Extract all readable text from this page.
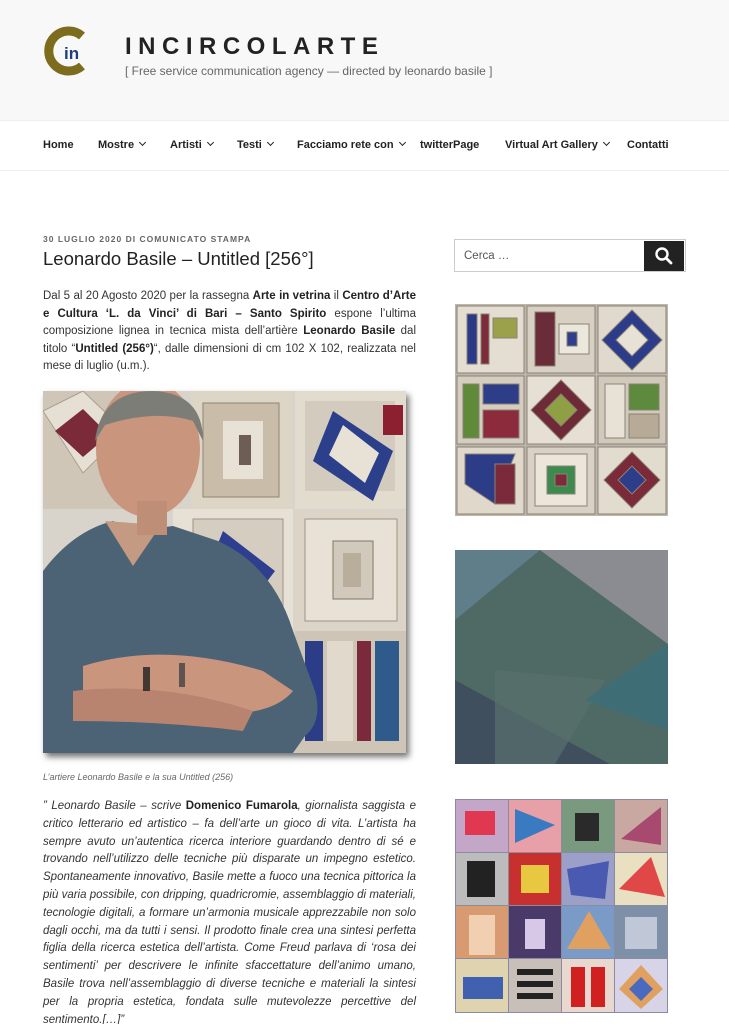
in INCIRCOLARTE
[ Free service communication agency — directed by leonardo basile ]
Home Mostre	Artisti	Testi	Facciamo rete con	twitterPage Virtual Art Gallery	Contatti
30 LUGLIO 2020 DI COMUNICATO STAMPA
Leonardo Basile – Untitled [256°]

Dal 5 al 20 Agosto 2020 per la rassegna Arte in vetrina il Centro d’Arte e Cultura ‘L. da Vinci’ di Bari – Santo Spirito espone l’ultima composizione lignea in tecnica mista dell’artière Leonardo Basile dal titolo “Untitled (256°)“, dalle dimensioni di cm 102 X 102, realizzata nel mese di luglio (u.m.).

L’artiere Leonardo Basile e la sua Untitled (256)

” Leonardo Basile – scrive Domenico Fumarola, giornalista saggista e critico letterario ed artistico – fa dell’arte un gioco di vita. L’artista ha sempre avuto un’autentica ricerca interiore guardando dentro di sé e trovando nell’utilizzo delle tecniche più disparate un impegno estetico. Spontaneamente innovativo, Basile mette a fuoco una tecnica pittorica la più varia possibile, con dripping, quadricromie, assemblaggio di materiali, tecnologie digitali, a formare un’armonia musicale apprezzabile non solo dagli occhi, ma da tutti i sensi. Il prodotto finale crea una sintesi perfetta figlia della ricerca estetica dell’artista. Come Freud parlava di ‘rosa dei sentimenti’ per descrivere le infinite sfaccettature dell’animo umano, Basile trova nell’assemblaggio di diverse tecniche e materiali la sintesi per la propria estetica, fondata sulle mutevolezze percettive del sentimento.[…]”

Cerca …
